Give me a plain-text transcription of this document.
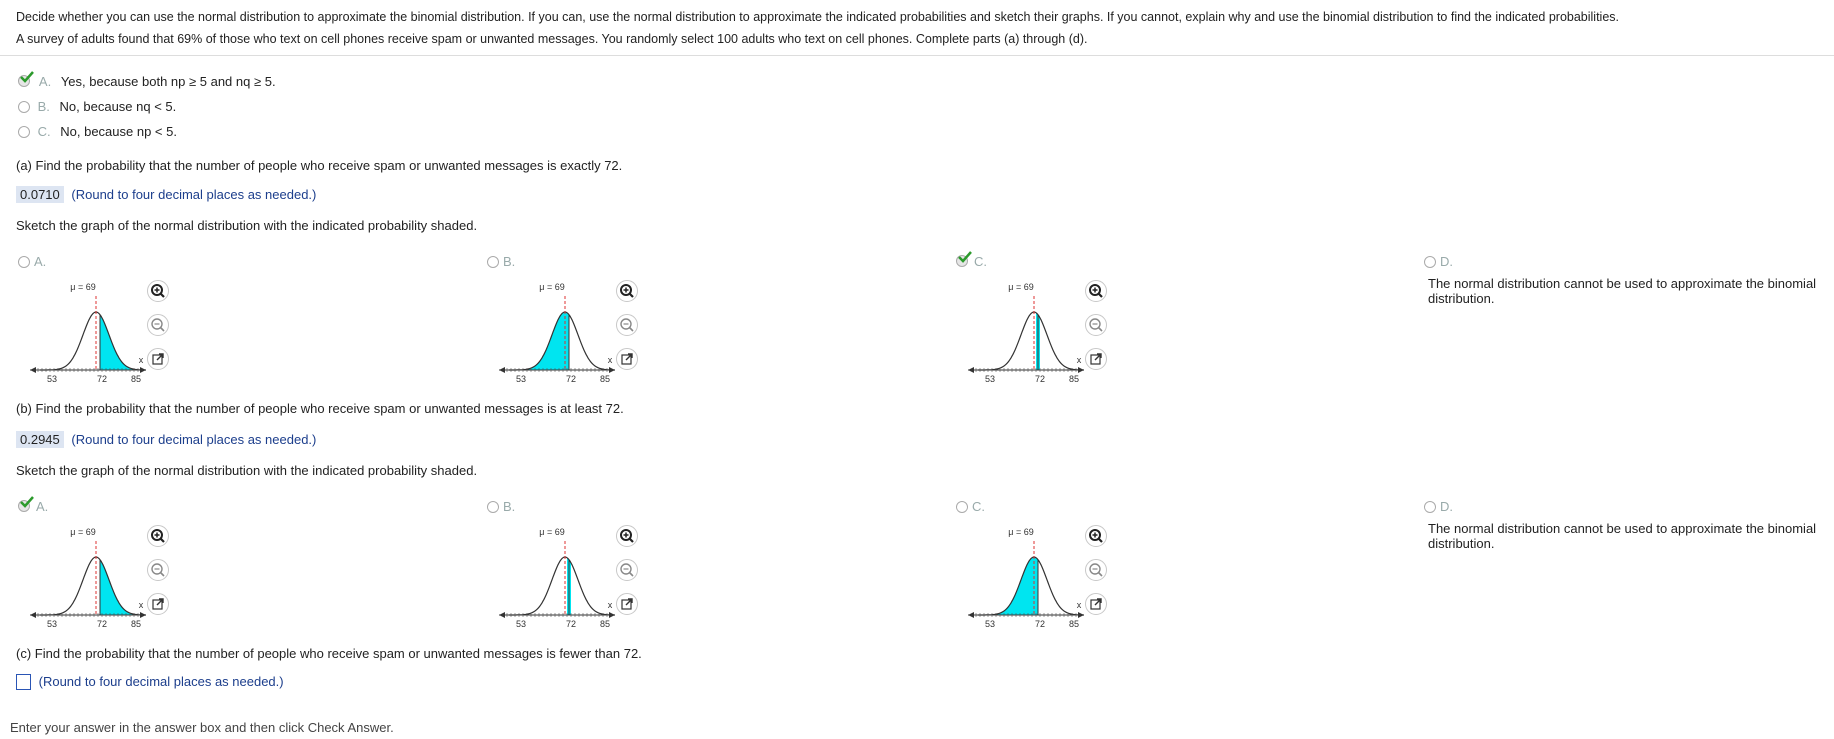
Decide whether you can use the normal distribution to approximate the binomial distribution. If you can, use the normal distribution to approximate the indicated probabilities and sketch their graphs. If you cannot, explain why and use the binomial distribution to find the indicated probabilities.
A survey of adults found that 69% of those who text on cell phones receive spam or unwanted messages. You randomly select 100 adults who text on cell phones. Complete parts (a) through (d).
A. Yes, because both np ≥ 5 and nq ≥ 5.
B. No, because nq < 5.
C. No, because np < 5.
(a) Find the probability that the number of people who receive spam or unwanted messages is exactly 72.
0.0710 (Round to four decimal places as needed.)
Sketch the graph of the normal distribution with the indicated probability shaded.
(b) Find the probability that the number of people who receive spam or unwanted messages is at least 72.
0.2945 (Round to four decimal places as needed.)
Sketch the graph of the normal distribution with the indicated probability shaded.
(c) Find the probability that the number of people who receive spam or unwanted messages is fewer than 72.
(Round to four decimal places as needed.)
Enter your answer in the answer box and then click Check Answer.
A.
μ = 69
x
53	72	85
B.
μ = 69
x
53	72	85
C.
μ = 69
x
53	72	85
D.
The normal distribution cannot be used to approximate the binomial distribution.
A.
μ = 69
x
53	72	85
B.
μ = 69
x
53	72	85
C.
μ = 69
x
53	72	85
D.
The normal distribution cannot be used to approximate the binomial distribution.
